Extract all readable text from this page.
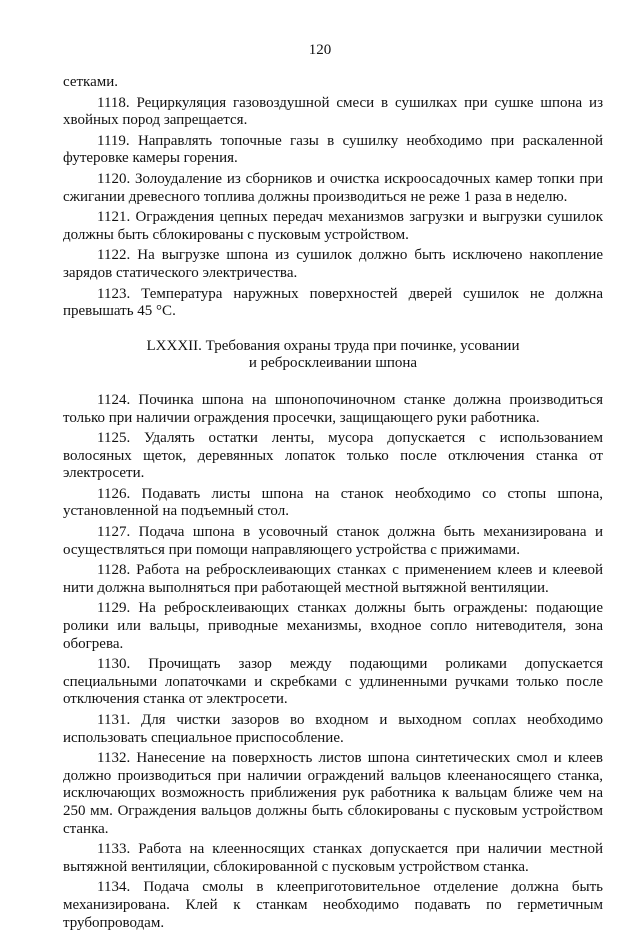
120

сетками.

1118. Рециркуляция газовоздушной смеси в сушилках при сушке шпона из хвойных пород запрещается.

1119. Направлять топочные газы в сушилку необходимо при раскаленной футеровке камеры горения.

1120. Золоудаление из сборников и очистка искроосадочных камер топки при сжигании древесного топлива должны производиться не реже 1 раза в неделю.

1121. Ограждения цепных передач механизмов загрузки и выгрузки сушилок должны быть сблокированы с пусковым устройством.

1122. На выгрузке шпона из сушилок должно быть исключено накопление зарядов статического электричества.

1123. Температура наружных поверхностей дверей сушилок не должна превышать 45 °С.

LXXXII. Требования охраны труда при починке, усовании
и ребросклеивании шпона

1124. Починка шпона на шпонопочиночном станке должна производиться только при наличии ограждения просечки, защищающего руки работника.

1125. Удалять остатки ленты, мусора допускается с использованием волосяных щеток, деревянных лопаток только после отключения станка от электросети.

1126. Подавать листы шпона на станок необходимо со стопы шпона, установленной на подъемный стол.

1127. Подача шпона в усовочный станок должна быть механизирована и осуществляться при помощи направляющего устройства с прижимами.

1128. Работа на ребросклеивающих станках с применением клеев и клеевой нити должна выполняться при работающей местной вытяжной вентиляции.

1129. На ребросклеивающих станках должны быть ограждены: подающие ролики или вальцы, приводные механизмы, входное сопло нитеводителя, зона обогрева.

1130. Прочищать зазор между подающими роликами допускается специальными лопаточками и скребками с удлиненными ручками только после отключения станка от электросети.

1131. Для чистки зазоров во входном и выходном соплах необходимо использовать специальное приспособление.

1132. Нанесение на поверхность листов шпона синтетических смол и клеев должно производиться при наличии ограждений вальцов клеенаносящего станка, исключающих возможность приближения рук работника к вальцам ближе чем на 250 мм. Ограждения вальцов должны быть сблокированы с пусковым устройством станка.

1133. Работа на клеенносящих станках допускается при наличии местной вытяжной вентиляции, сблокированной с пусковым устройством станка.

1134. Подача смолы в клееприготовительное отделение должна быть механизирована. Клей к станкам необходимо подавать по герметичным трубопроводам.
